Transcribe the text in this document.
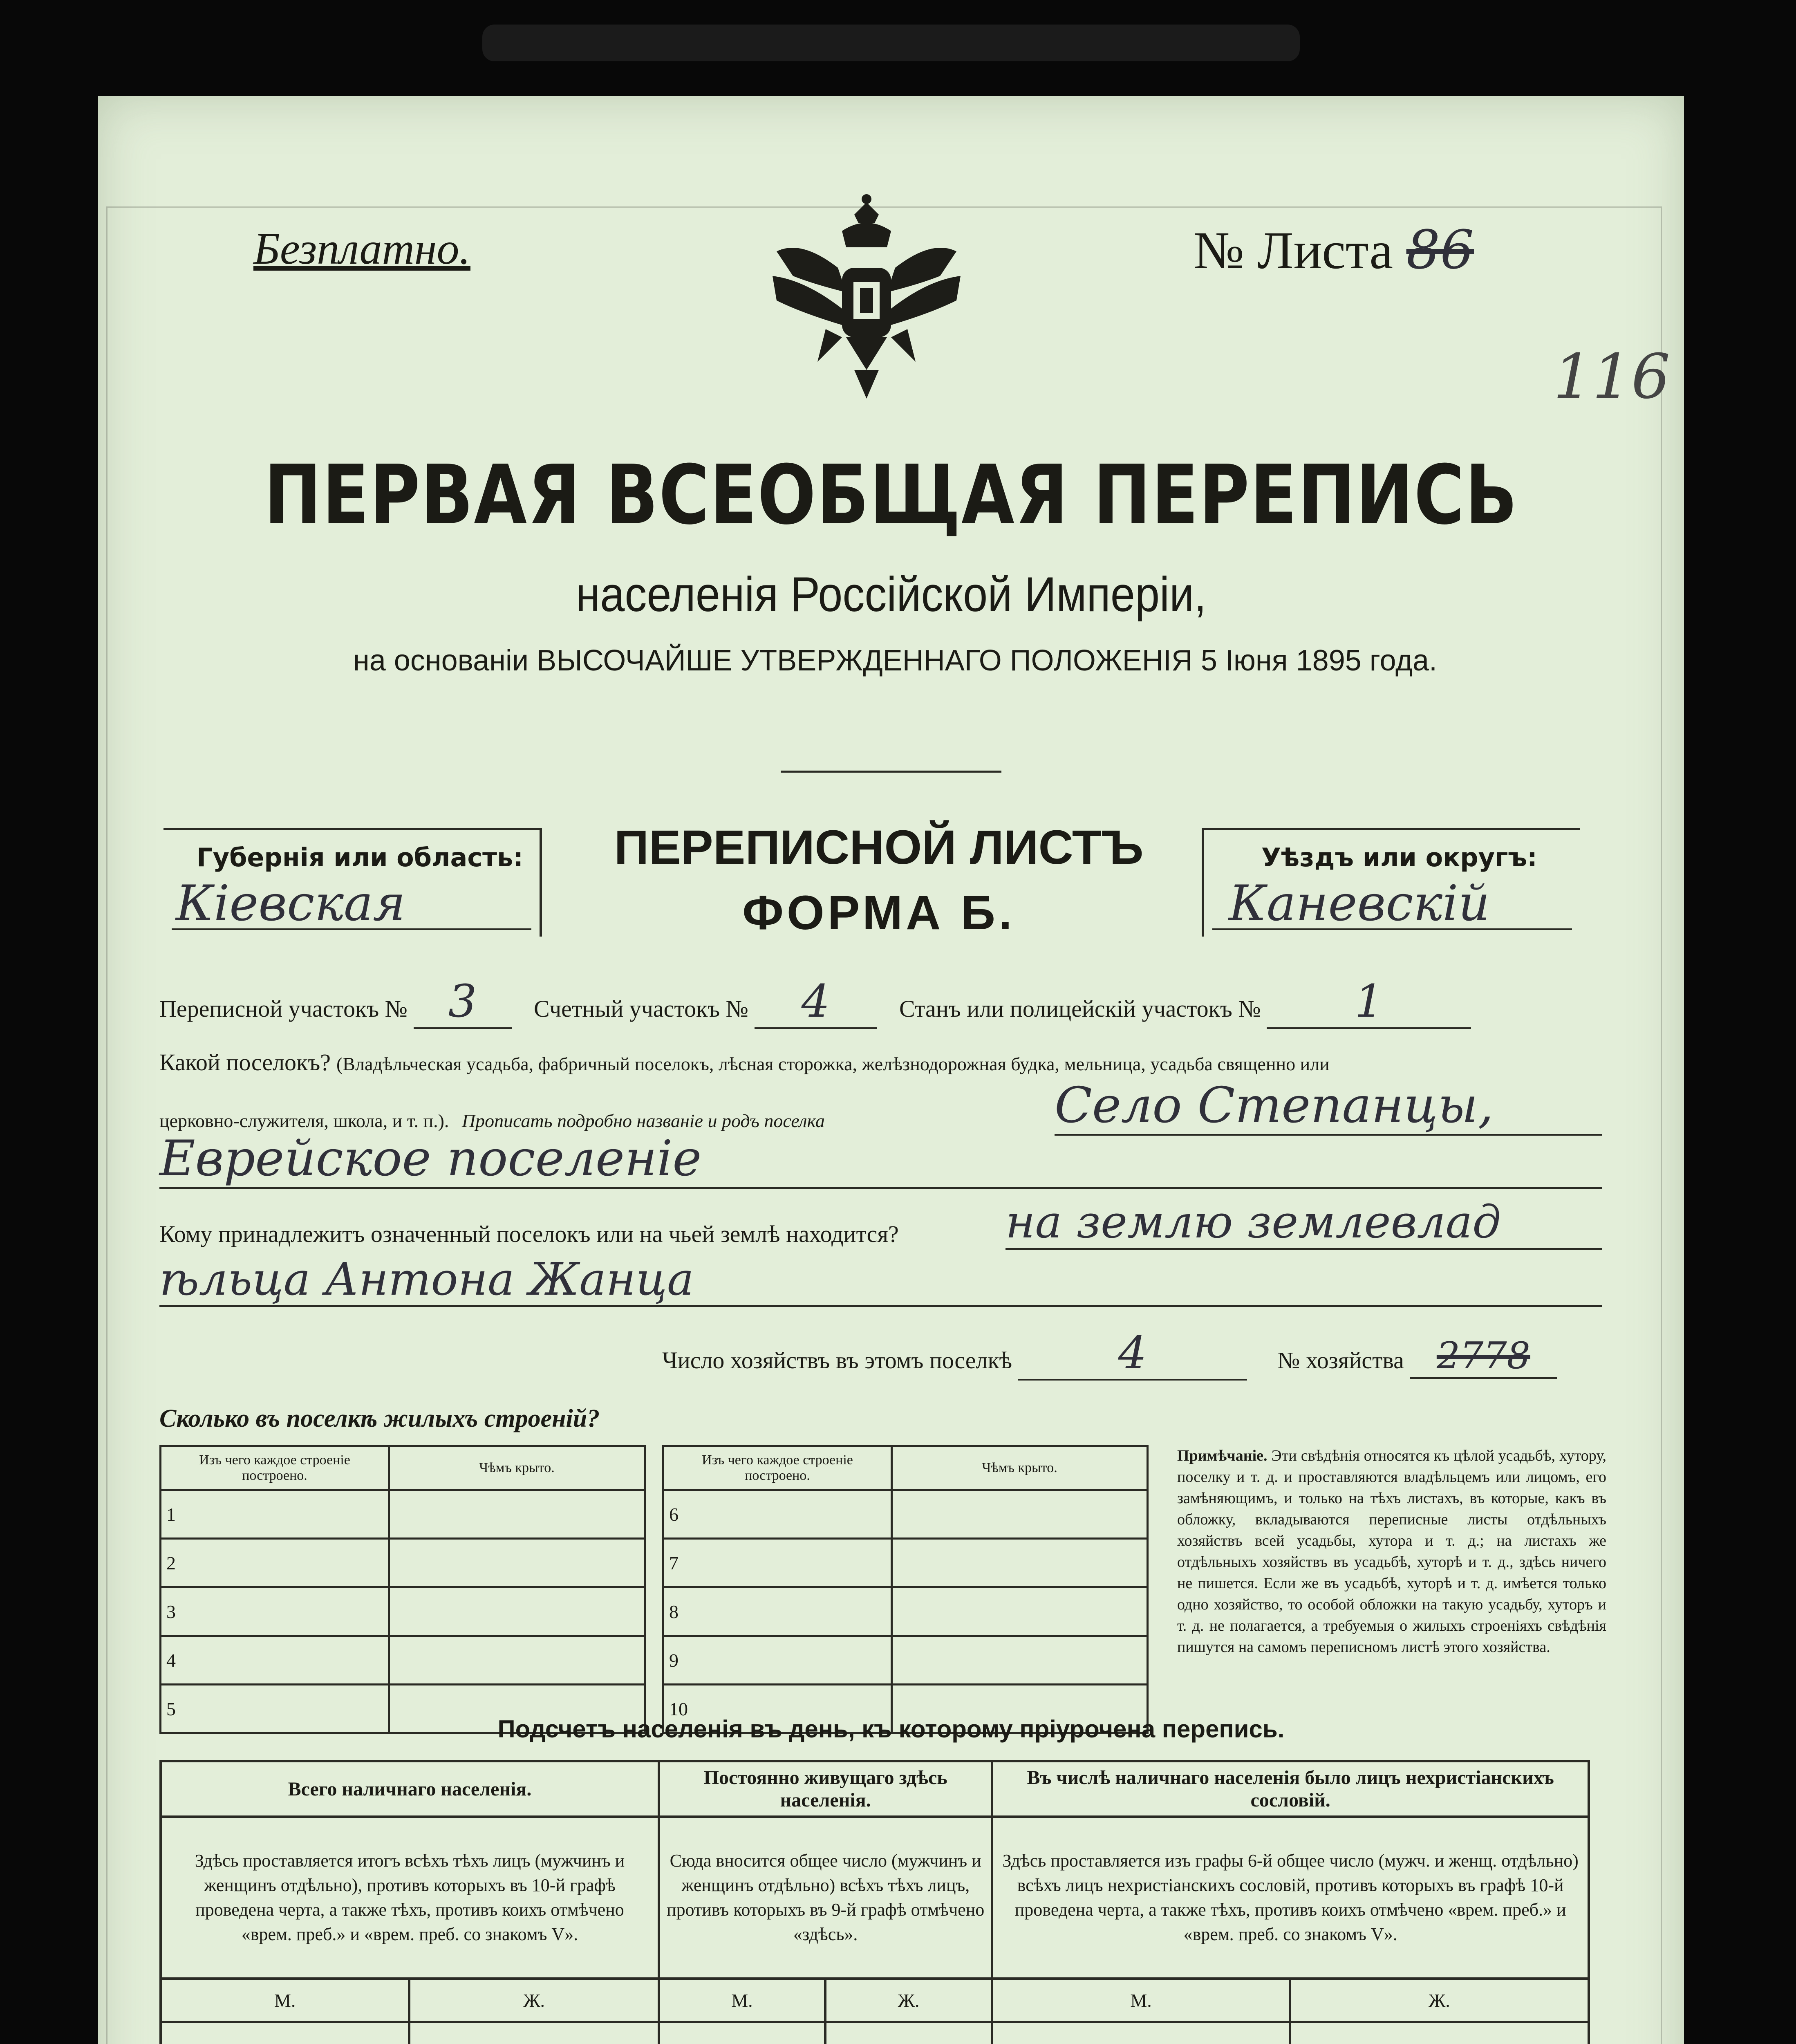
Безплатно.	№ Листа 86
116
ПЕРВАЯ ВСЕОБЩАЯ ПЕРЕПИСЬ
населенія Россійской Имперіи,
на основаніи ВЫСОЧАЙШЕ УТВЕРЖДЕННАГО ПОЛОЖЕНІЯ 5 Іюня 1895 года.
Губернія или область:
Кіевская
ПЕРЕПИСНОЙ ЛИСТЪ
ФОРМА Б.
Уѣздъ или округъ:
Каневскій
Переписной участокъ № 3 Счетный участокъ № 4	Станъ или полицейскій участокъ № 1
Какой поселокъ? (Владѣльческая усадьба, фабричный поселокъ, лѣсная сторожка, желѣзнодорожная будка, мельница, усадьба священно или
церковно-служителя, школа, и т. п.). Прописать подробно названіе и родъ поселка	Село Степанцы,
Еврейское поселеніе
Кому принадлежитъ означенный поселокъ или на чьей землѣ находится? на землю землевлад
ѣльца Антона Жанца
Число хозяйствъ въ этомъ поселкѣ 4	№ хозяйства 2778
Сколько въ поселкѣ жилыхъ строеній?
Изъ чего каждое строеніе построено.	Чѣмъ крыто.
1	
2	
3	
4	
5	
Изъ чего каждое строеніе построено.	Чѣмъ крыто.
6	
7	
8	
9	
10	
Примѣчаніе. Эти свѣдѣнія относятся къ цѣлой усадьбѣ, хутору, поселку и т. д. и проставляются владѣльцемъ или лицомъ, его замѣняющимъ, и только на тѣхъ листахъ, въ которые, какъ въ обложку, вкладываются переписные листы отдѣльныхъ хозяйствъ всей усадьбы, хутора и т. д.; на листахъ же отдѣльныхъ хозяйствъ въ усадьбѣ, хуторѣ и т. д., здѣсь ничего не пишется. Если же въ усадьбѣ, хуторѣ и т. д. имѣется только одно хозяйство, то особой обложки на такую усадьбу, хуторъ и т. д. не полагается, а требуемыя о жилыхъ строеніяхъ свѣдѣнія пишутся на самомъ переписномъ листѣ этого хозяйства.
Подсчетъ населенія въ день, къ которому пріурочена перепись.
Всего наличнаго населенія.		Постоянно живущаго здѣсь населенія.		Въ числѣ наличнаго населенія было лицъ нехристіанскихъ сословій.	
Здѣсь проставляется итогъ всѣхъ тѣхъ лицъ (мужчинъ и женщинъ отдѣльно), противъ которыхъ въ 10-й графѣ проведена черта, а также тѣхъ, противъ коихъ отмѣчено «врем. преб.» и «врем. преб. со знакомъ V».		Сюда вносится общее число (мужчинъ и женщинъ отдѣльно) всѣхъ тѣхъ лицъ, противъ которыхъ въ 9-й графѣ отмѣчено «здѣсь».		Здѣсь проставляется изъ графы 6-й общее число (мужч. и женщ. отдѣльно) всѣхъ лицъ нехристіанскихъ сословій, противъ которыхъ въ графѣ 10-й проведена черта, а также тѣхъ, противъ коихъ отмѣчено «врем. преб.» и «врем. преб. со знакомъ V».	
М.	Ж.	М.	Ж.	М.	Ж.
